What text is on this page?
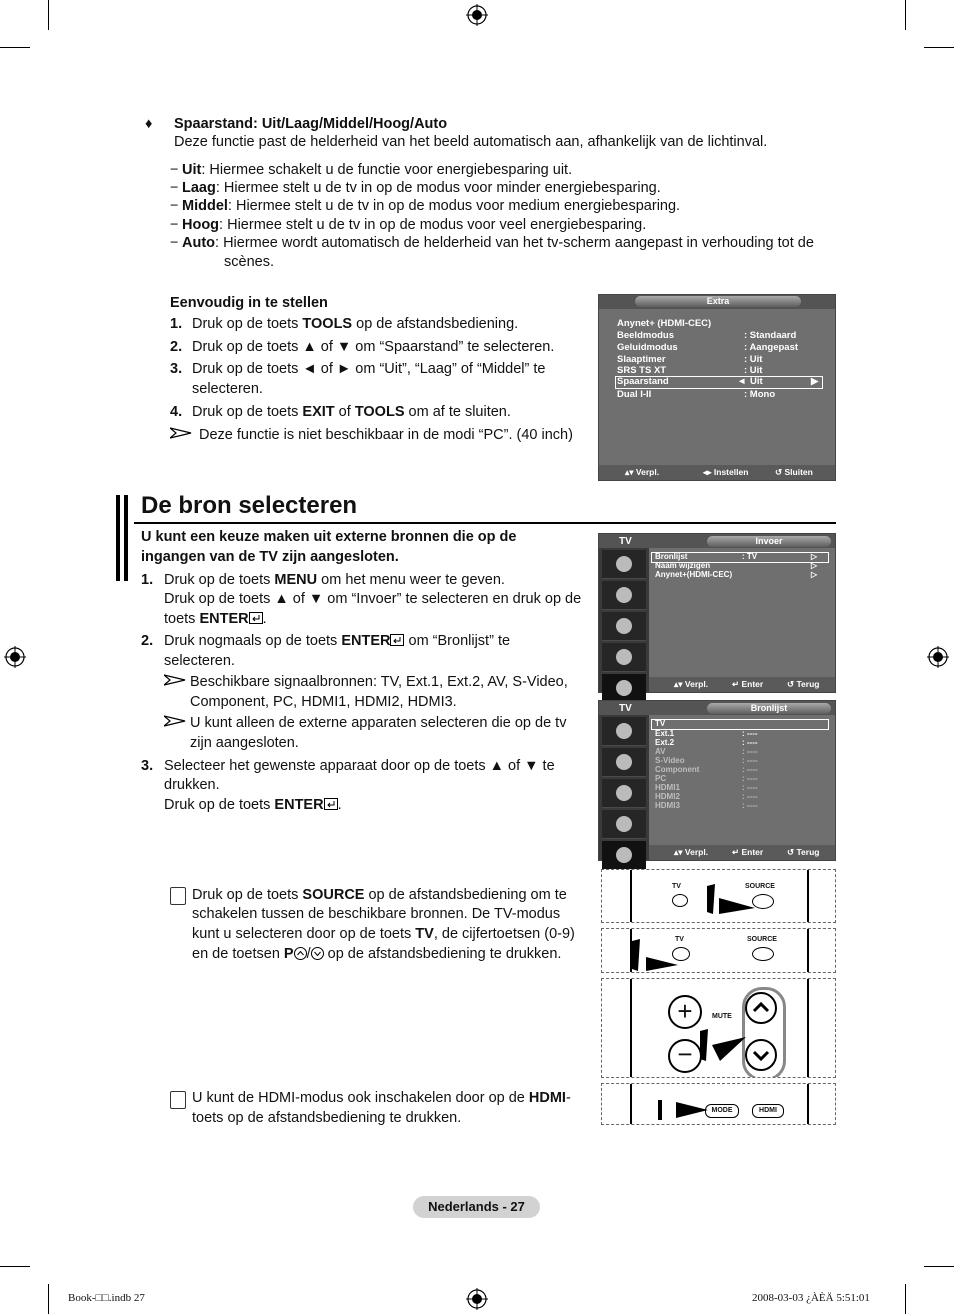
♦ Spaarstand: Uit/Laag/Middel/Hoog/Auto
Deze functie past de helderheid van het beeld automatisch aan, afhankelijk van de lichtinval.
− Uit: Hiermee schakelt u de functie voor energiebesparing uit.
− Laag: Hiermee stelt u de tv in op de modus voor minder energiebesparing.
− Middel: Hiermee stelt u de tv in op de modus voor medium energiebesparing.
− Hoog: Hiermee stelt u de tv in op de modus voor veel energiebesparing.
− Auto: Hiermee wordt automatisch de helderheid van het tv-scherm aangepast in verhouding tot de
scènes.
Eenvoudig in te stellen
1. Druk op de toets TOOLS op de afstandsbediening.
2. Druk op de toets ▲ of ▼ om “Spaarstand” te selecteren.
3. Druk op de toets ◄ of ► om “Uit”, “Laag” of “Middel” te
selecteren.
4. Druk op de toets EXIT of TOOLS om af te sluiten.
Deze functie is niet beschikbaar in de modi “PC”. (40 inch)
Extra
Anynet+ (HDMI-CEC)
Beeldmodus	: Standaard
Geluidmodus	: Aangepast
Slaaptimer	: Uit
SRS TS XT	: Uit
Spaarstand	◄ Uit	▶
Dual I-II	: Mono
▴▾ Verpl.	◂▸ Instellen	↺ Sluiten
De bron selecteren
U kunt een keuze maken uit externe bronnen die op de
ingangen van de TV zijn aangesloten.
1. Druk op de toets MENU om het menu weer te geven.
Druk op de toets ▲ of ▼ om “Invoer” te selecteren en druk op de
toets ENTER .
2. Druk nogmaals op de toets ENTER om “Bronlijst” te
selecteren.
Beschikbare signaalbronnen: TV, Ext.1, Ext.2, AV, S-Video,
Component, PC, HDMI1, HDMI2, HDMI3.
U kunt alleen de externe apparaten selecteren die op de tv
zijn aangesloten.
3. Selecteer het gewenste apparaat door op de toets ▲ of ▼ te
drukken.
Druk op de toets ENTER .
Druk op de toets SOURCE op de afstandsbediening om te
schakelen tussen de beschikbare bronnen. De TV-modus
kunt u selecteren door op de toets TV, de cijfertoetsen (0-9)
en de toetsen P / op de afstandsbediening te drukken.
U kunt de HDMI-modus ook inschakelen door op de HDMI-
toets op de afstandsbediening te drukken.
TV	Invoer
Bronlijst	: TV	▷
Naam wijzigen	▷
Anynet+(HDMI-CEC)	▷
▴▾ Verpl.	↵ Enter	↺ Terug
TV	Bronlijst
TV
Ext.1	: ----
Ext.2	: ----
AV	: ----
S-Video	: ----
Component	: ----
PC	: ----
HDMI1	: ----
HDMI2	: ----
HDMI3	: ----
▴▾ Verpl.	↵ Enter	↺ Terug
TV	SOURCE
TV	SOURCE
+
−
MUTE
MODE	HDMI
Nederlands - 27
Book-□□.indb 27	2008-03-03 ¿ÀÈÄ 5:51:01
